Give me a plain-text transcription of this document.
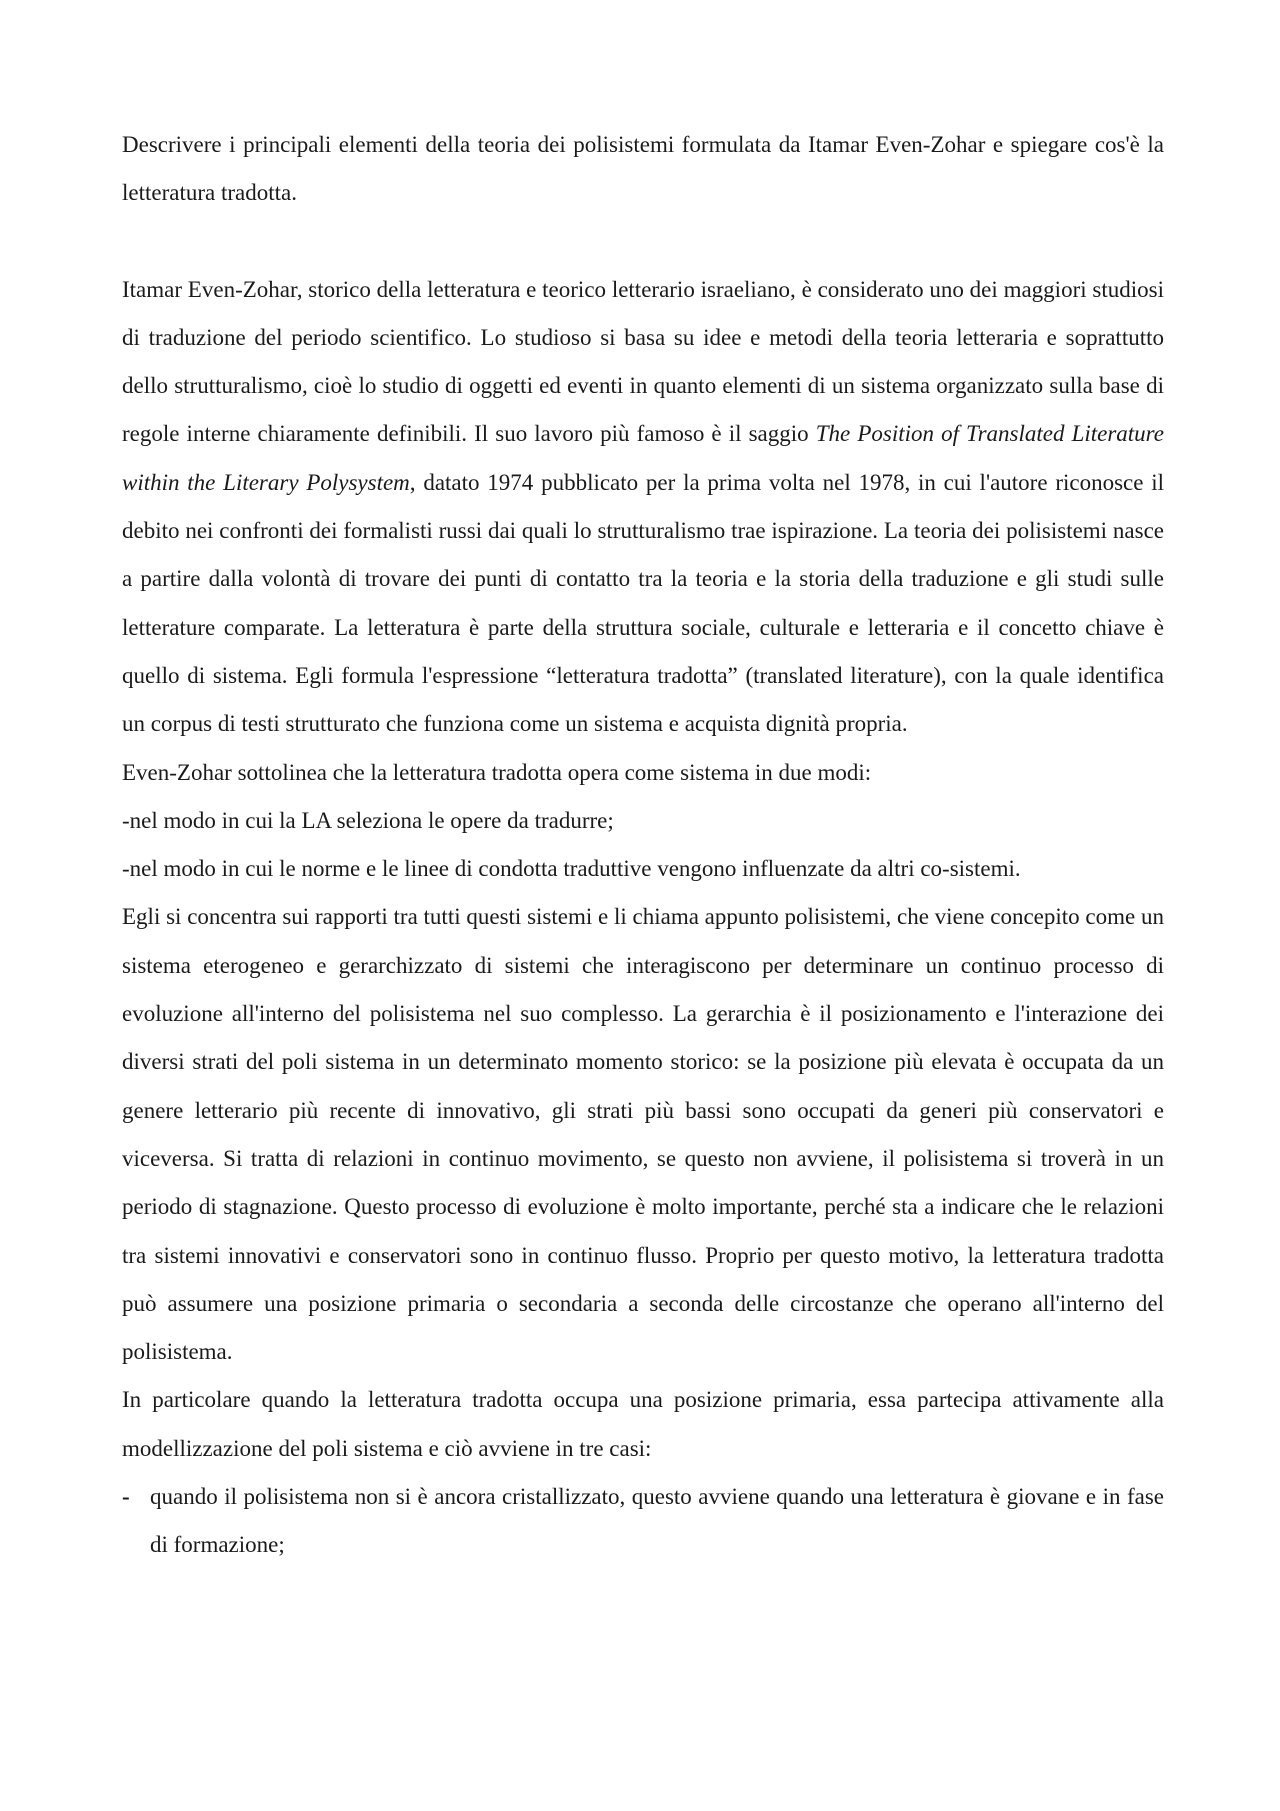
Descrivere i principali elementi della teoria dei polisistemi formulata da Itamar Even-Zohar e spiegare cos'è la letteratura tradotta.

Itamar Even-Zohar, storico della letteratura e teorico letterario israeliano, è considerato uno dei maggiori studiosi di traduzione del periodo scientifico. Lo studioso si basa su idee e metodi della teoria letteraria e soprattutto dello strutturalismo, cioè lo studio di oggetti ed eventi in quanto elementi di un sistema organizzato sulla base di regole interne chiaramente definibili. Il suo lavoro più famoso è il saggio The Position of Translated Literature within the Literary Polysystem, datato 1974 pubblicato per la prima volta nel 1978, in cui l'autore riconosce il debito nei confronti dei formalisti russi dai quali lo strutturalismo trae ispirazione. La teoria dei polisistemi nasce a partire dalla volontà di trovare dei punti di contatto tra la teoria e la storia della traduzione e gli studi sulle letterature comparate. La letteratura è parte della struttura sociale, culturale e letteraria e il concetto chiave è quello di sistema. Egli formula l'espressione “letteratura tradotta” (translated literature), con la quale identifica un corpus di testi strutturato che funziona come un sistema e acquista dignità propria.

Even-Zohar sottolinea che la letteratura tradotta opera come sistema in due modi:

-nel modo in cui la LA seleziona le opere da tradurre;

-nel modo in cui le norme e le linee di condotta traduttive vengono influenzate da altri co-sistemi.

Egli si concentra sui rapporti tra tutti questi sistemi e li chiama appunto polisistemi, che viene concepito come un sistema eterogeneo e gerarchizzato di sistemi che interagiscono per determinare un continuo processo di evoluzione all'interno del polisistema nel suo complesso. La gerarchia è il posizionamento e l'interazione dei diversi strati del poli sistema in un determinato momento storico: se la posizione più elevata è occupata da un genere letterario più recente di innovativo, gli strati più bassi sono occupati da generi più conservatori e viceversa. Si tratta di relazioni in continuo movimento, se questo non avviene, il polisistema si troverà in un periodo di stagnazione. Questo processo di evoluzione è molto importante, perché sta a indicare che le relazioni tra sistemi innovativi e conservatori sono in continuo flusso. Proprio per questo motivo, la letteratura tradotta può assumere una posizione primaria o secondaria a seconda delle circostanze che operano all'interno del polisistema.

In particolare quando la letteratura tradotta occupa una posizione primaria, essa partecipa attivamente alla modellizzazione del poli sistema e ciò avviene in tre casi:

- quando il polisistema non si è ancora cristallizzato, questo avviene quando una letteratura è giovane e in fase di formazione;
